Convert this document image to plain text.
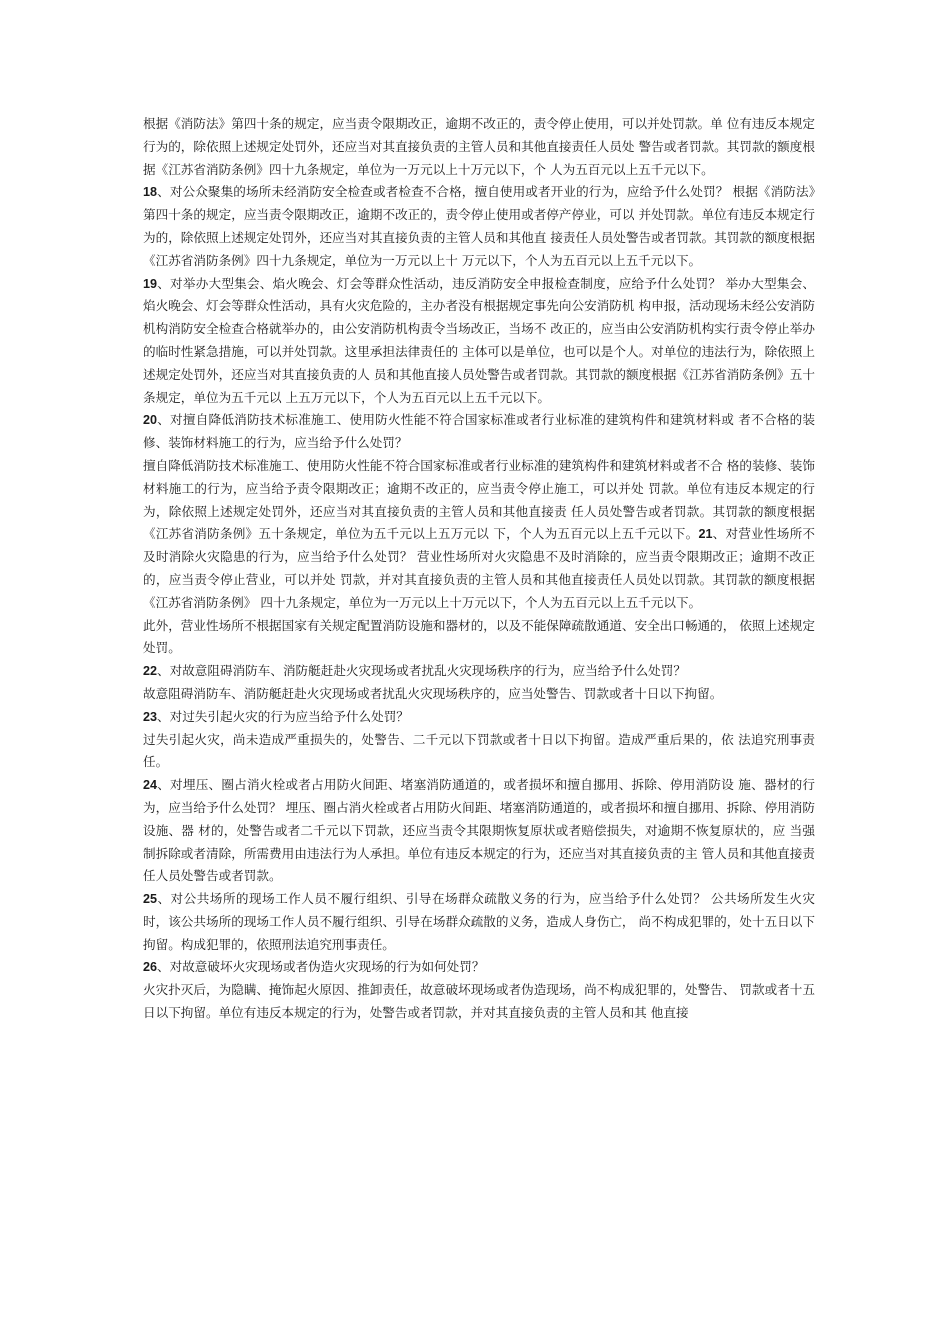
根据《消防法》第四十条的规定，应当责令限期改正，逾期不改正的，责令停止使用，可以并处罚款。单 位有违反本规定行为的，除依照上述规定处罚外，还应当对其直接负责的主管人员和其他直接责任人员处 警告或者罚款。其罚款的额度根据《江苏省消防条例》四十九条规定，单位为一万元以上十万元以下，个 人为五百元以上五千元以下。

18、对公众聚集的场所未经消防安全检查或者检查不合格，擅自使用或者开业的行为，应给予什么处罚？ 根据《消防法》第四十条的规定，应当责令限期改正，逾期不改正的，责令停止使用或者停产停业，可以 并处罚款。单位有违反本规定行为的，除依照上述规定处罚外，还应当对其直接负责的主管人员和其他直 接责任人员处警告或者罚款。其罚款的额度根据《江苏省消防条例》四十九条规定，单位为一万元以上十 万元以下，个人为五百元以上五千元以下。

19、对举办大型集会、焰火晚会、灯会等群众性活动，违反消防安全申报检查制度，应给予什么处罚？ 举办大型集会、焰火晚会、灯会等群众性活动，具有火灾危险的，主办者没有根据规定事先向公安消防机 构申报，活动现场未经公安消防机构消防安全检查合格就举办的，由公安消防机构责令当场改正，当场不 改正的，应当由公安消防机构实行责令停止举办的临时性紧急措施，可以并处罚款。这里承担法律责任的 主体可以是单位，也可以是个人。对单位的违法行为，除依照上述规定处罚外，还应当对其直接负责的人 员和其他直接人员处警告或者罚款。其罚款的额度根据《江苏省消防条例》五十条规定，单位为五千元以 上五万元以下，个人为五百元以上五千元以下。

20、对擅自降低消防技术标准施工、使用防火性能不符合国家标准或者行业标准的建筑构件和建筑材料或 者不合格的装修、装饰材料施工的行为，应当给予什么处罚？

擅自降低消防技术标准施工、使用防火性能不符合国家标准或者行业标准的建筑构件和建筑材料或者不合 格的装修、装饰材料施工的行为，应当给予责令限期改正；逾期不改正的，应当责令停止施工，可以并处 罚款。单位有违反本规定的行为，除依照上述规定处罚外，还应当对其直接负责的主管人员和其他直接责 任人员处警告或者罚款。其罚款的额度根据《江苏省消防条例》五十条规定，单位为五千元以上五万元以 下，个人为五百元以上五千元以下。21、对营业性场所不及时消除火灾隐患的行为，应当给予什么处罚？ 营业性场所对火灾隐患不及时消除的，应当责令限期改正；逾期不改正的，应当责令停止营业，可以并处 罚款，并对其直接负责的主管人员和其他直接责任人员处以罚款。其罚款的额度根据《江苏省消防条例》 四十九条规定，单位为一万元以上十万元以下，个人为五百元以上五千元以下。

此外，营业性场所不根据国家有关规定配置消防设施和器材的，以及不能保障疏散通道、安全出口畅通的， 依照上述规定处罚。

22、对故意阻碍消防车、消防艇赶赴火灾现场或者扰乱火灾现场秩序的行为，应当给予什么处罚？

故意阻碍消防车、消防艇赶赴火灾现场或者扰乱火灾现场秩序的，应当处警告、罚款或者十日以下拘留。

23、对过失引起火灾的行为应当给予什么处罚？

过失引起火灾，尚未造成严重损失的，处警告、二千元以下罚款或者十日以下拘留。造成严重后果的，依 法追究刑事责任。

24、对埋压、圈占消火栓或者占用防火间距、堵塞消防通道的，或者损坏和擅自挪用、拆除、停用消防设 施、器材的行为，应当给予什么处罚？ 埋压、圈占消火栓或者占用防火间距、堵塞消防通道的，或者损坏和擅自挪用、拆除、停用消防设施、器 材的，处警告或者二千元以下罚款，还应当责令其限期恢复原状或者赔偿损失，对逾期不恢复原状的，应 当强制拆除或者清除，所需费用由违法行为人承担。单位有违反本规定的行为，还应当对其直接负责的主 管人员和其他直接责任人员处警告或者罚款。

25、对公共场所的现场工作人员不履行组织、引导在场群众疏散义务的行为，应当给予什么处罚？ 公共场所发生火灾时，该公共场所的现场工作人员不履行组织、引导在场群众疏散的义务，造成人身伤亡， 尚不构成犯罪的，处十五日以下拘留。构成犯罪的，依照刑法追究刑事责任。

26、对故意破坏火灾现场或者伪造火灾现场的行为如何处罚？

火灾扑灭后，为隐瞒、掩饰起火原因、推卸责任，故意破坏现场或者伪造现场，尚不构成犯罪的，处警告、 罚款或者十五日以下拘留。单位有违反本规定的行为，处警告或者罚款，并对其直接负责的主管人员和其 他直接
